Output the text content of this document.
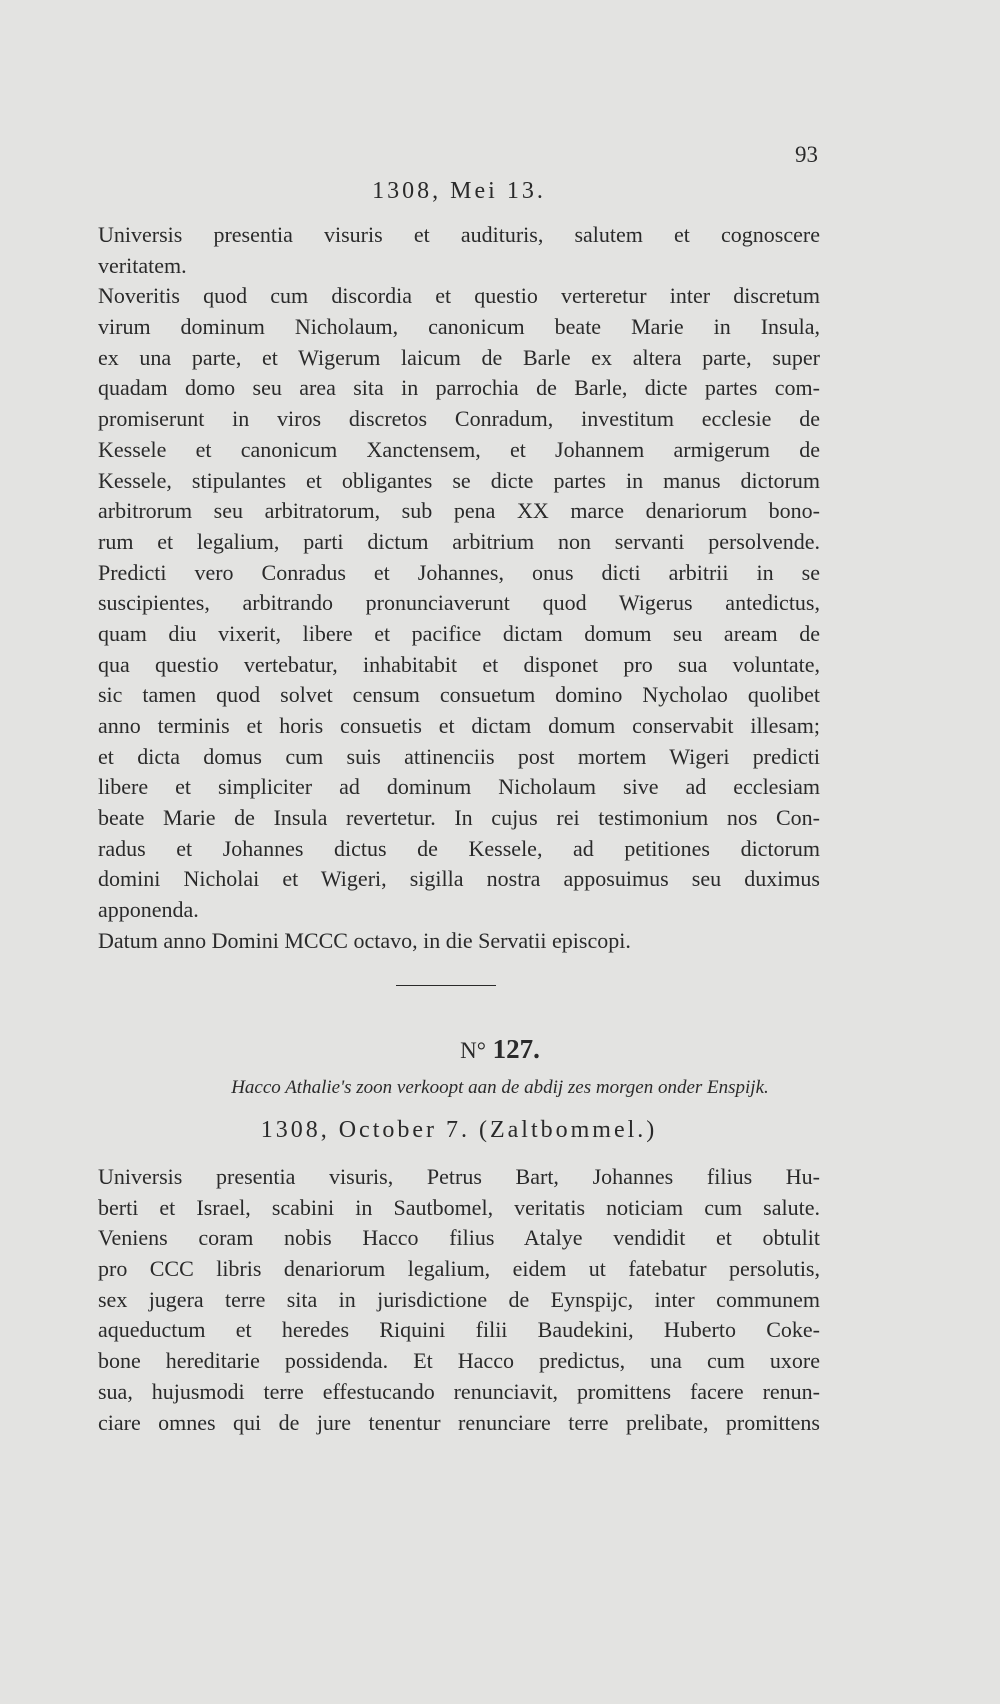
93

1308, Mei 13.

Universis presentia visuris et audituris, salutem et cognoscere
veritatem.
Noveritis quod cum discordia et questio verteretur inter discretum
virum dominum Nicholaum, canonicum beate Marie in Insula,
ex una parte, et Wigerum laicum de Barle ex altera parte, super
quadam domo seu area sita in parrochia de Barle, dicte partes com-
promiserunt in viros discretos Conradum, investitum ecclesie de
Kessele et canonicum Xanctensem, et Johannem armigerum de
Kessele, stipulantes et obligantes se dicte partes in manus dictorum
arbitrorum seu arbitratorum, sub pena XX marce denariorum bono-
rum et legalium, parti dictum arbitrium non servanti persolvende.
Predicti vero Conradus et Johannes, onus dicti arbitrii in se
suscipientes, arbitrando pronunciaverunt quod Wigerus antedictus,
quam diu vixerit, libere et pacifice dictam domum seu aream de
qua questio vertebatur, inhabitabit et disponet pro sua voluntate,
sic tamen quod solvet censum consuetum domino Nycholao quolibet
anno terminis et horis consuetis et dictam domum conservabit illesam;
et dicta domus cum suis attinenciis post mortem Wigeri predicti
libere et simpliciter ad dominum Nicholaum sive ad ecclesiam
beate Marie de Insula revertetur. In cujus rei testimonium nos Con-
radus et Johannes dictus de Kessele, ad petitiones dictorum
domini Nicholai et Wigeri, sigilla nostra apposuimus seu duximus
apponenda.
Datum anno Domini MCCC octavo, in die Servatii episcopi.
N° 127.
Hacco Athalie's zoon verkoopt aan de abdij zes morgen onder Enspijk.

1308, October 7. (Zaltbommel.)

Universis presentia visuris, Petrus Bart, Johannes filius Hu-
berti et Israel, scabini in Sautbomel, veritatis noticiam cum salute.
Veniens coram nobis Hacco filius Atalye vendidit et obtulit
pro CCC libris denariorum legalium, eidem ut fatebatur persolutis,
sex jugera terre sita in jurisdictione de Eynspijc, inter communem
aqueductum et heredes Riquini filii Baudekini, Huberto Coke-
bone hereditarie possidenda. Et Hacco predictus, una cum uxore
sua, hujusmodi terre effestucando renunciavit, promittens facere renun-
ciare omnes qui de jure tenentur renunciare terre prelibate, promittens
